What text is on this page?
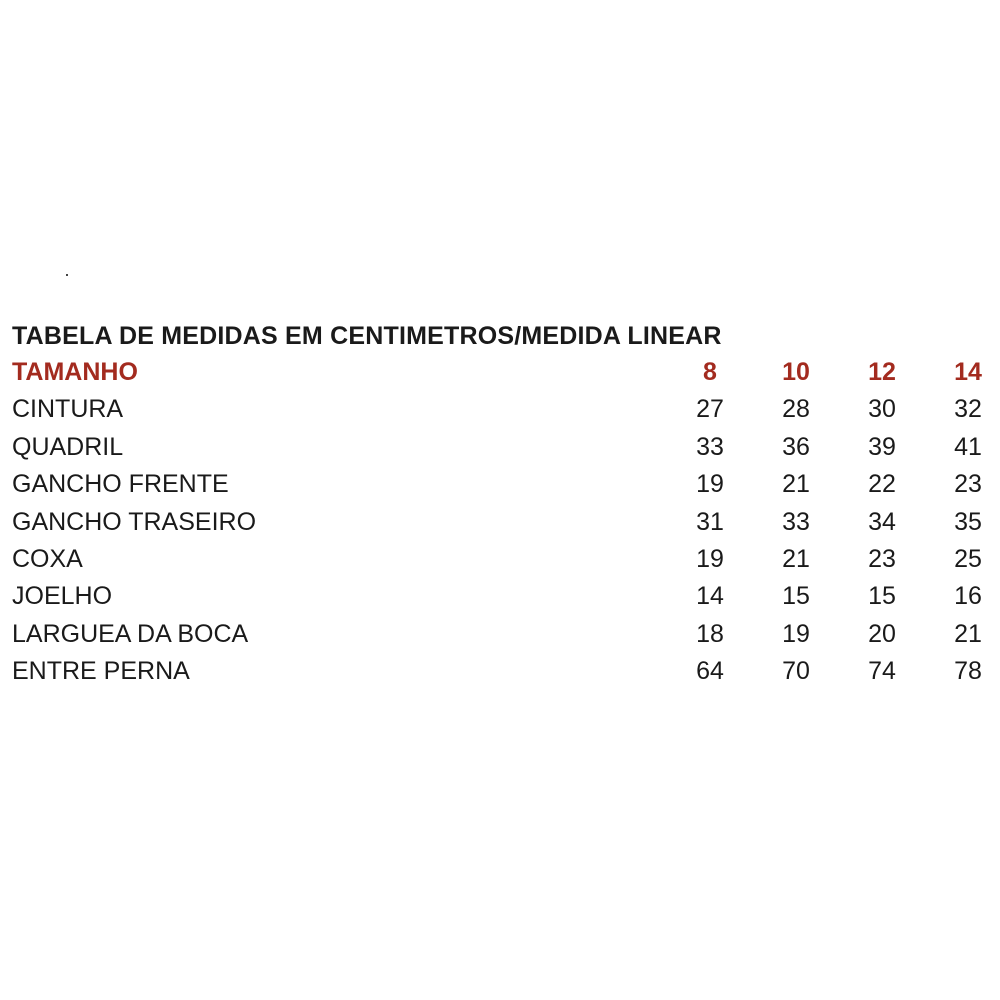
TABELA DE MEDIDAS EM CENTIMETROS/MEDIDA LINEAR
TAMANHO	8	10	12	14
CINTURA	27	28	30	32
QUADRIL	33	36	39	41
GANCHO FRENTE	19	21	22	23
GANCHO TRASEIRO	31	33	34	35
COXA	19	21	23	25
JOELHO	14	15	15	16
LARGUEA DA BOCA	18	19	20	21
ENTRE PERNA	64	70	74	78
